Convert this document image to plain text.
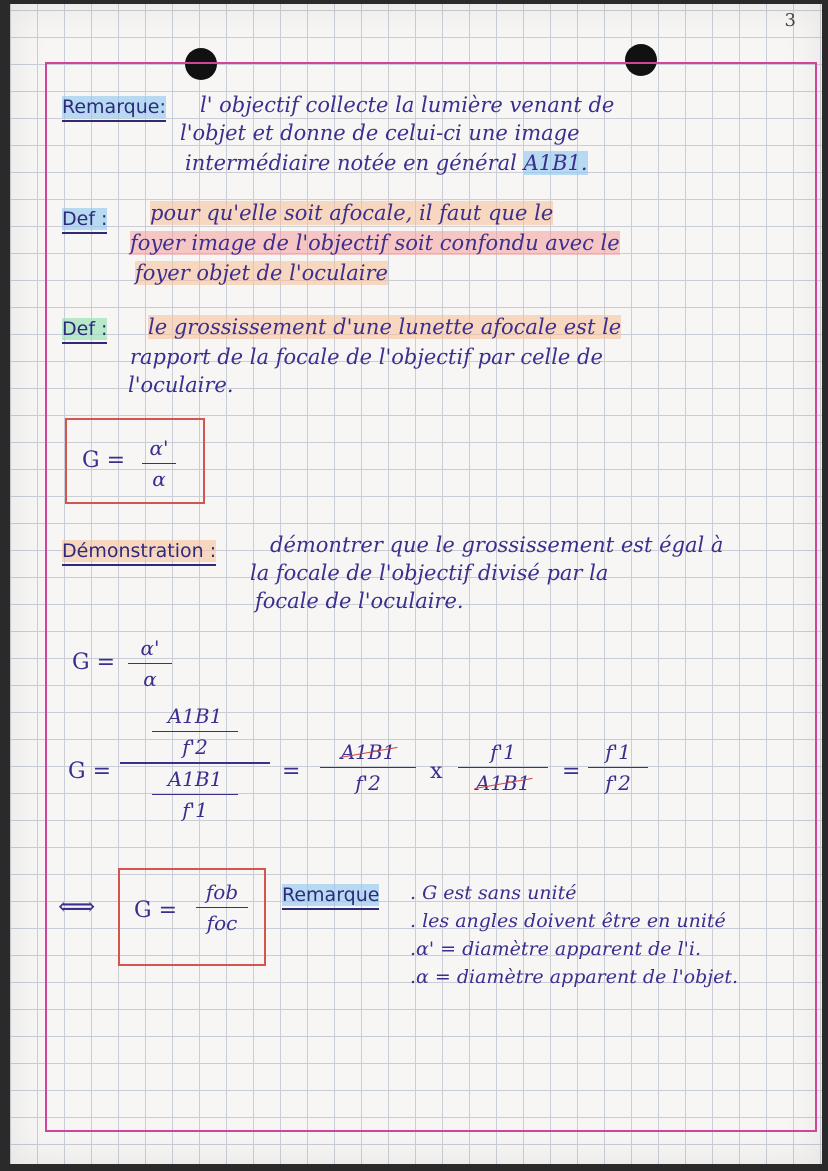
3
Remarque: l' objectif collecte la lumière venant de
l'objet et donne de celui-ci une image
intermédiaire notée en général A1B1.
Def : pour qu'elle soit afocale, il faut que le
foyer image de l'objectif soit confondu avec le
foyer objet de l'oculaire
Def : le grossissement d'une lunette afocale est le
rapport de la focale de l'objectif par celle de
l'oculaire.
G =	α'
α
Démonstration :	démontrer que le grossissement est égal à
la focale de l'objectif divisé par la
focale de l'oculaire.
G =
α'
α
G =
A1B1
f'2
A1B1
f'1
=
A1B1
f'2	x
f'1
A1B1	=
f'1
f'2
⟺ G =
fob
foc
Remarque . G est sans unité
. les angles doivent être en unité
.α' = diamètre apparent de l'i.
.α = diamètre apparent de l'objet.
